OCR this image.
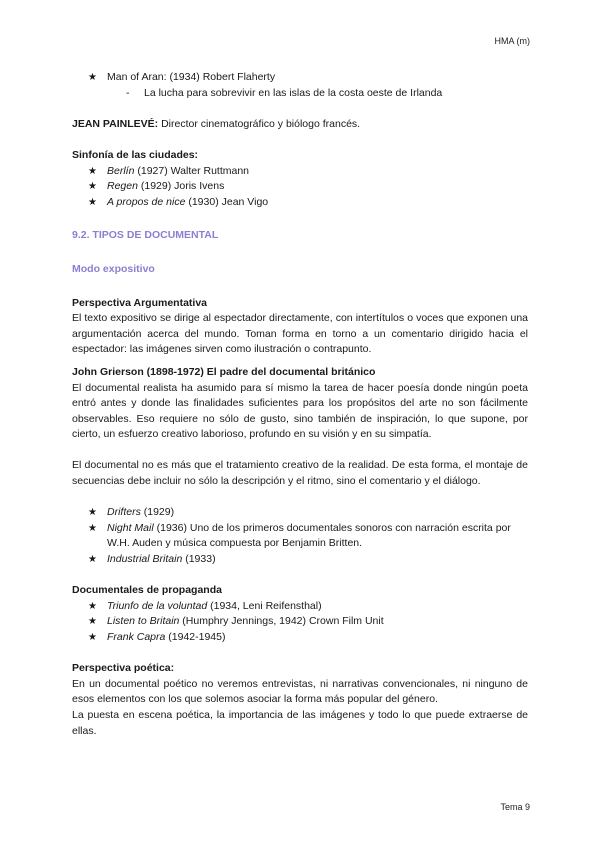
HMA (m)
★ Man of Aran: (1934) Robert Flaherty
- La lucha para sobrevivir en las islas de la costa oeste de Irlanda
JEAN PAINLEVÉ: Director cinematográfico y biólogo francés.
Sinfonía de las ciudades:
★ Berlín (1927) Walter Ruttmann
★ Regen (1929) Joris Ivens
★ A propos de nice (1930) Jean Vigo
9.2. TIPOS DE DOCUMENTAL
Modo expositivo
Perspectiva Argumentativa
El texto expositivo se dirige al espectador directamente, con intertítulos o voces que exponen una argumentación acerca del mundo. Toman forma en torno a un comentario dirigido hacia el espectador: las imágenes sirven como ilustración o contrapunto.
John Grierson (1898-1972) El padre del documental británico
El documental realista ha asumido para sí mismo la tarea de hacer poesía donde ningún poeta entró antes y donde las finalidades suficientes para los propósitos del arte no son fácilmente observables. Eso requiere no sólo de gusto, sino también de inspiración, lo que supone, por cierto, un esfuerzo creativo laborioso, profundo en su visión y en su simpatía.
El documental no es más que el tratamiento creativo de la realidad. De esta forma, el montaje de secuencias debe incluir no sólo la descripción y el ritmo, sino el comentario y el diálogo.
★ Drifters (1929)
★ Night Mail (1936) Uno de los primeros documentales sonoros con narración escrita por W.H. Auden y música compuesta por Benjamin Britten.
★ Industrial Britain (1933)
Documentales de propaganda
★ Triunfo de la voluntad (1934, Leni Reifensthal)
★ Listen to Britain (Humphry Jennings, 1942) Crown Film Unit
★ Frank Capra (1942-1945)
Perspectiva poética:
En un documental poético no veremos entrevistas, ni narrativas convencionales, ni ninguno de esos elementos con los que solemos asociar la forma más popular del género.
La puesta en escena poética, la importancia de las imágenes y todo lo que puede extraerse de ellas.
Tema 9
